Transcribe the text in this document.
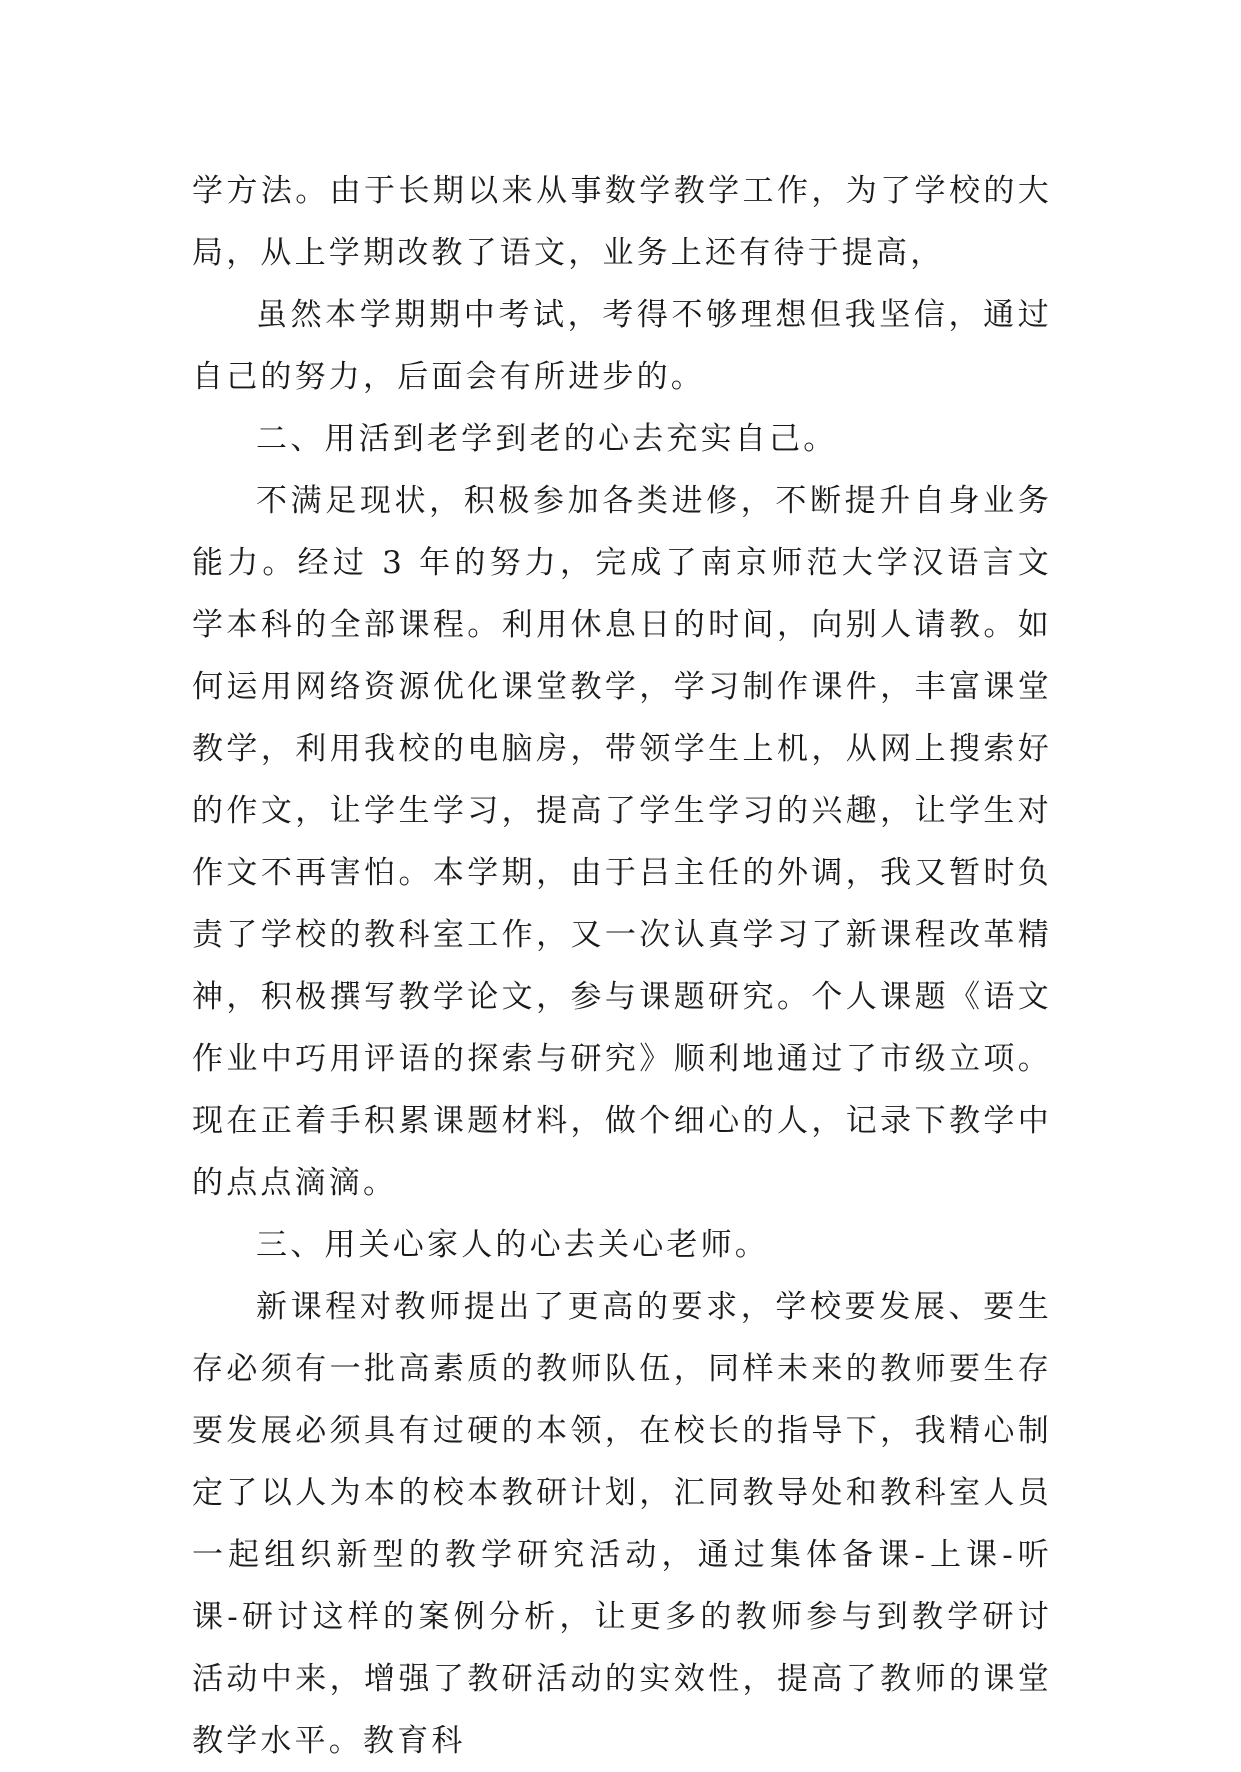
学方法。由于长期以来从事数学教学工作，为了学校的大局，从上学期改教了语文，业务上还有待于提高，

虽然本学期期中考试，考得不够理想但我坚信，通过自己的努力，后面会有所进步的。

二、用活到老学到老的心去充实自己。

不满足现状，积极参加各类进修，不断提升自身业务能力。经过 3 年的努力，完成了南京师范大学汉语言文学本科的全部课程。利用休息日的时间，向别人请教。如何运用网络资源优化课堂教学，学习制作课件，丰富课堂教学，利用我校的电脑房，带领学生上机，从网上搜索好的作文，让学生学习，提高了学生学习的兴趣，让学生对作文不再害怕。本学期，由于吕主任的外调，我又暂时负责了学校的教科室工作，又一次认真学习了新课程改革精神，积极撰写教学论文，参与课题研究。个人课题《语文作业中巧用评语的探索与研究》顺利地通过了市级立项。现在正着手积累课题材料，做个细心的人，记录下教学中的点点滴滴。

三、用关心家人的心去关心老师。

新课程对教师提出了更高的要求，学校要发展、要生存必须有一批高素质的教师队伍，同样未来的教师要生存要发展必须具有过硬的本领，在校长的指导下，我精心制定了以人为本的校本教研计划，汇同教导处和教科室人员一起组织新型的教学研究活动，通过集体备课-上课-听课-研讨这样的案例分析，让更多的教师参与到教学研讨活动中来，增强了教研活动的实效性，提高了教师的课堂教学水平。教育科
